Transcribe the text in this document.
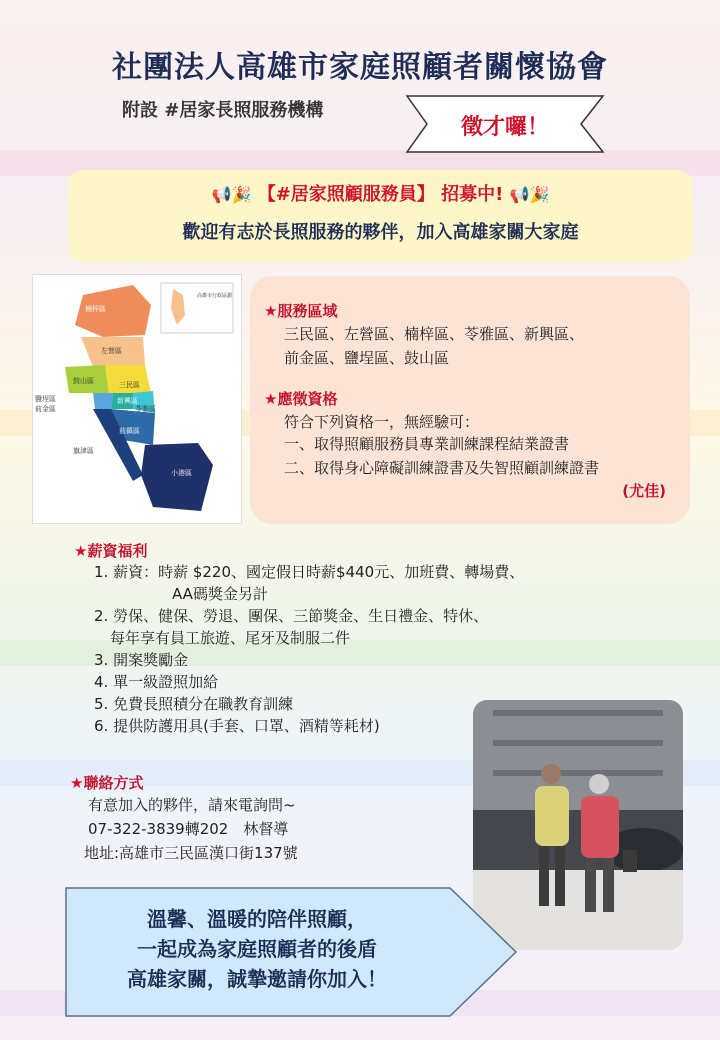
社團法人高雄市家庭照顧者關懷協會
附設 #居家長照服務機構
徵才囉！
📢🎉 【#居家照顧服務員】 招募中! 📢🎉
歡迎有志於長照服務的夥伴，加入高雄家關大家庭
高雄市行政區劃
楠梓區
左營區
鼓山區	三民區
鹽埕區	新興區
前金區	苓雅區
前鎮區
旗津區
小港區
★服務區域
三民區、左營區、楠梓區、苓雅區、新興區、
前金區、鹽埕區、鼓山區
★應徵資格
符合下列資格一，無經驗可：
一、取得照顧服務員專業訓練課程結業證書
二、取得身心障礙訓練證書及失智照顧訓練證書
(尤佳)
★薪資福利
1. 薪資：時薪 $220、國定假日時薪$440元、加班費、轉場費、
AA碼獎金另計
2. 勞保、健保、勞退、團保、三節獎金、生日禮金、特休、
每年享有員工旅遊、尾牙及制服二件
3. 開案獎勵金
4. 單一級證照加給
5. 免費長照積分在職教育訓練
6. 提供防護用具(手套、口罩、酒精等耗材)
★聯絡方式
有意加入的夥伴，請來電詢問~
07-322-3839轉202　林督導
地址:高雄市三民區漢口街137號
溫馨、溫暖的陪伴照顧，
一起成為家庭照顧者的後盾
高雄家關，誠摯邀請你加入！
